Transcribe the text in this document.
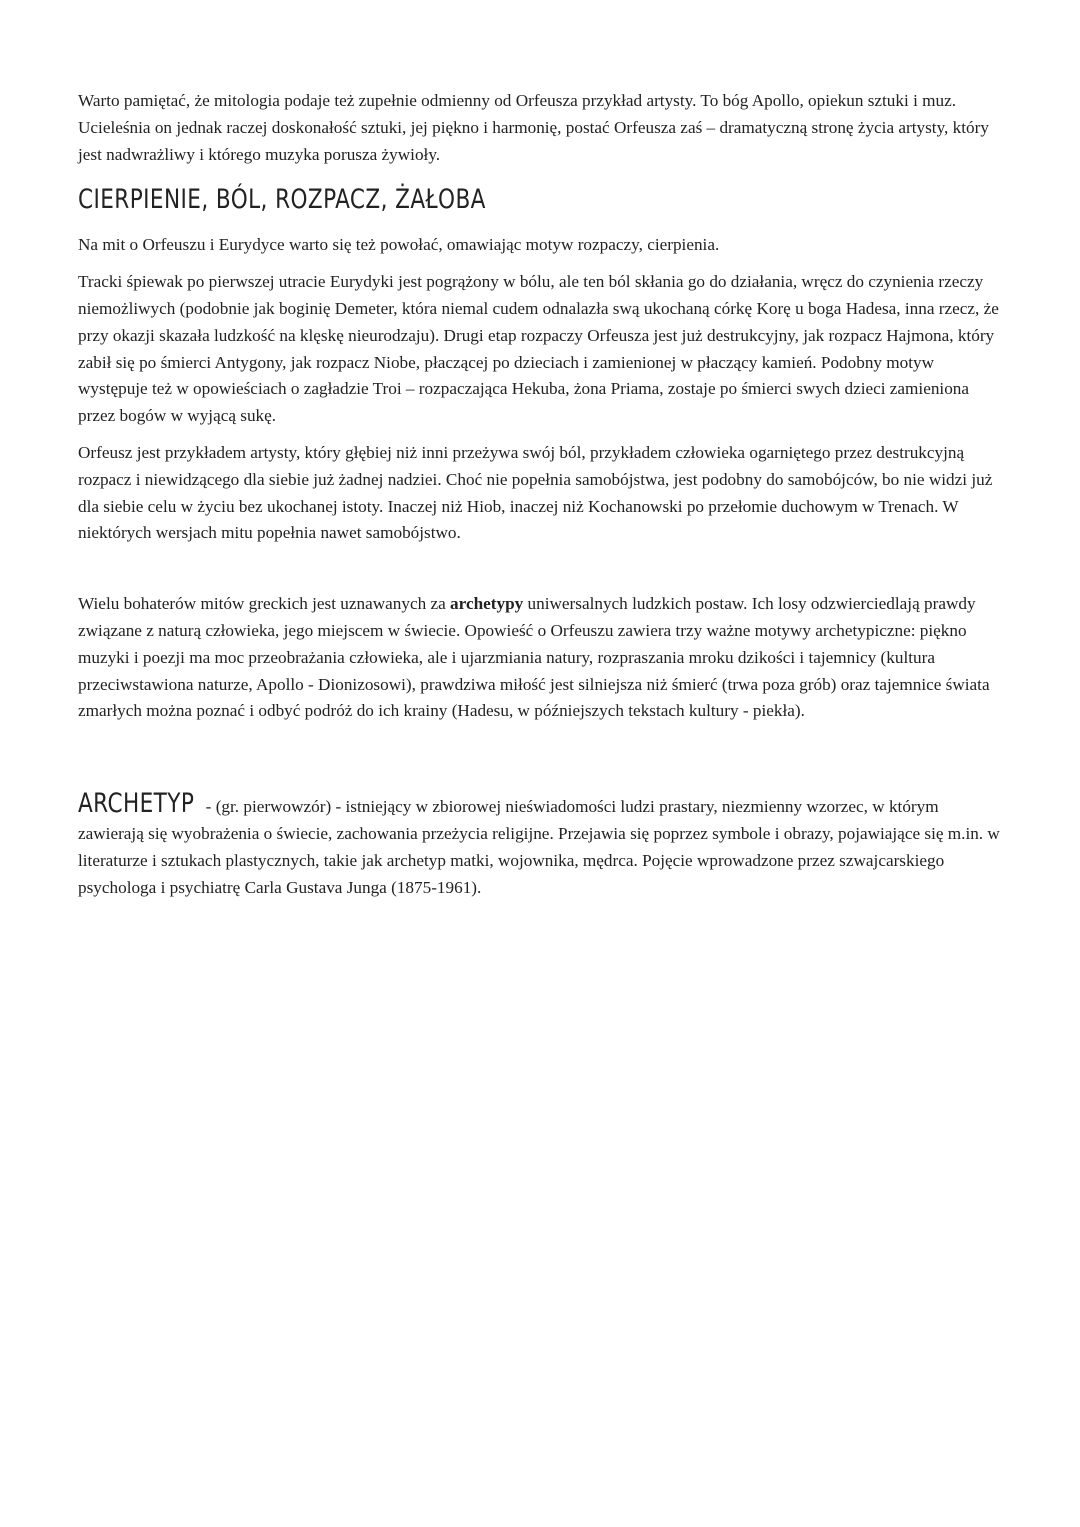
Warto pamiętać, że mitologia podaje też zupełnie odmienny od Orfeusza przykład artysty. To bóg Apollo, opiekun sztuki i muz. Ucieleśnia on jednak raczej doskonałość sztuki, jej piękno i harmonię, postać Orfeusza zaś – dramatyczną stronę życia artysty, który jest nadwrażliwy i którego muzyka porusza żywioły.

CIERPIENIE, BÓL, ROZPACZ, ŻAŁOBA

Na mit o Orfeuszu i Eurydyce warto się też powołać, omawiając motyw rozpaczy, cierpienia.

Tracki śpiewak po pierwszej utracie Eurydyki jest pogrążony w bólu, ale ten ból skłania go do działania, wręcz do czynienia rzeczy niemożliwych (podobnie jak boginię Demeter, która niemal cudem odnalazła swą ukochaną córkę Korę u boga Hadesa, inna rzecz, że przy okazji skazała ludzkość na klęskę nieurodzaju). Drugi etap rozpaczy Orfeusza jest już destrukcyjny, jak rozpacz Hajmona, który zabił się po śmierci Antygony, jak rozpacz Niobe, płaczącej po dzieciach i zamienionej w płaczący kamień. Podobny motyw występuje też w opowieściach o zagładzie Troi – rozpaczająca Hekuba, żona Priama, zostaje po śmierci swych dzieci zamieniona przez bogów w wyjącą sukę.

Orfeusz jest przykładem artysty, który głębiej niż inni przeżywa swój ból, przykładem człowieka ogarniętego przez destrukcyjną rozpacz i niewidzącego dla siebie już żadnej nadziei. Choć nie popełnia samobójstwa, jest podobny do samobójców, bo nie widzi już dla siebie celu w życiu bez ukochanej istoty. Inaczej niż Hiob, inaczej niż Kochanowski po przełomie duchowym w Trenach. W niektórych wersjach mitu popełnia nawet samobójstwo.

Wielu bohaterów mitów greckich jest uznawanych za archetypy uniwersalnych ludzkich postaw. Ich losy odzwierciedlają prawdy związane z naturą człowieka, jego miejscem w świecie. Opowieść o Orfeuszu zawiera trzy ważne motywy archetypiczne: piękno muzyki i poezji ma moc przeobrażania człowieka, ale i ujarzmiania natury, rozpraszania mroku dzikości i tajemnicy (kultura przeciwstawiona naturze, Apollo - Dionizosowi), prawdziwa miłość jest silniejsza niż śmierć (trwa poza grób) oraz tajemnice świata zmarłych można poznać i odbyć podróż do ich krainy (Hadesu, w późniejszych tekstach kultury - piekła).

ARCHETYP - (gr. pierwowzór) - istniejący w zbiorowej nieświadomości ludzi prastary, niezmienny wzorzec, w którym zawierają się wyobrażenia o świecie, zachowania przeżycia religijne. Przejawia się poprzez symbole i obrazy, pojawiające się m.in. w literaturze i sztukach plastycznych, takie jak archetyp matki, wojownika, mędrca. Pojęcie wprowadzone przez szwajcarskiego psychologa i psychiatrę Carla Gustava Junga (1875-1961).
